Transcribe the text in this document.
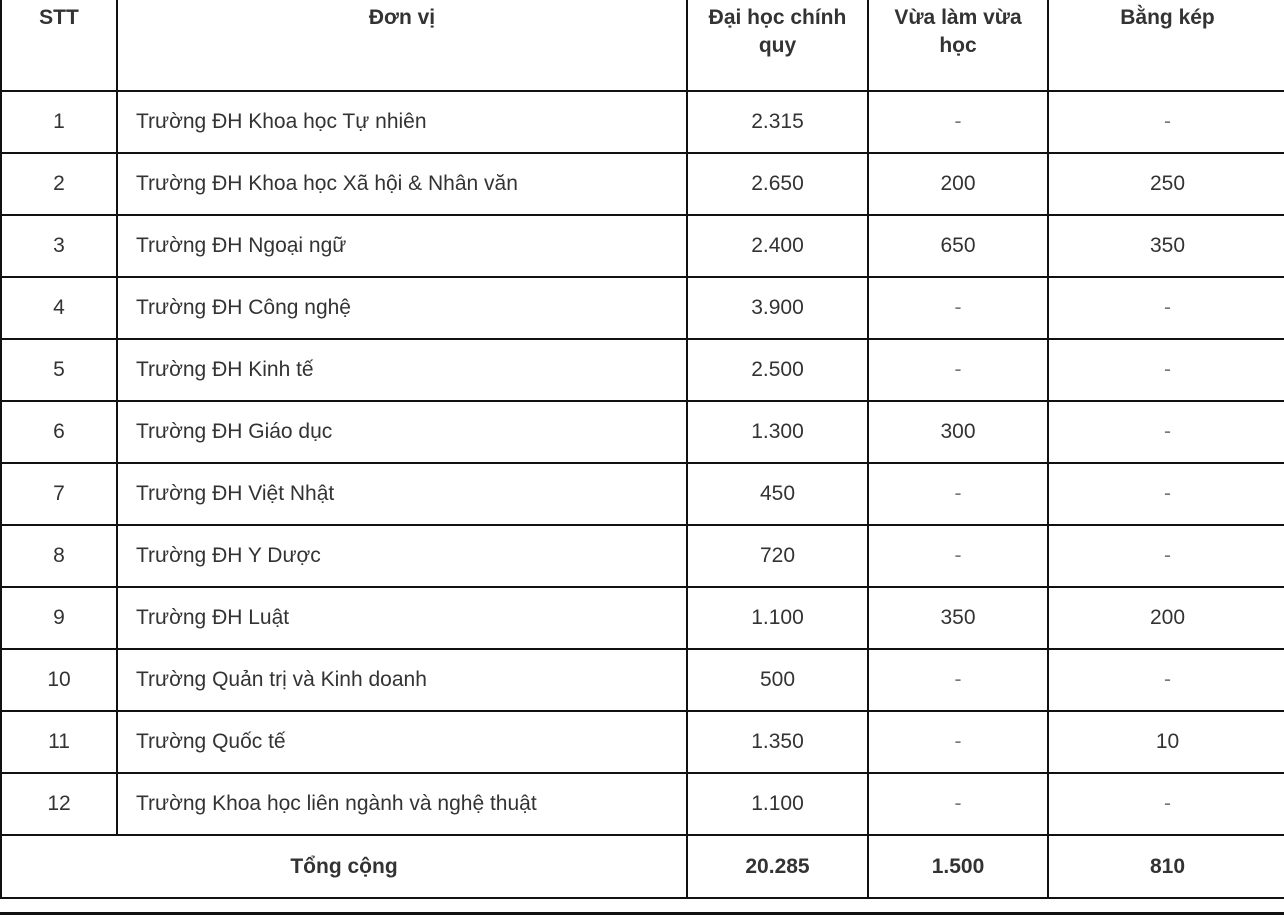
STT	Đơn vị	Đại học chính quy	Vừa làm vừa học	Bằng kép
1	Trường ĐH Khoa học Tự nhiên	2.315	-	-
2	Trường ĐH Khoa học Xã hội & Nhân văn	2.650	200	250
3	Trường ĐH Ngoại ngữ	2.400	650	350
4	Trường ĐH Công nghệ	3.900	-	-
5	Trường ĐH Kinh tế	2.500	-	-
6	Trường ĐH Giáo dục	1.300	300	-
7	Trường ĐH Việt Nhật	450	-	-
8	Trường ĐH Y Dược	720	-	-
9	Trường ĐH Luật	1.100	350	200
10	Trường Quản trị và Kinh doanh	500	-	-
11	Trường Quốc tế	1.350	-	10
12	Trường Khoa học liên ngành và nghệ thuật	1.100	-	-
Tổng cộng		20.285	1.500	810
